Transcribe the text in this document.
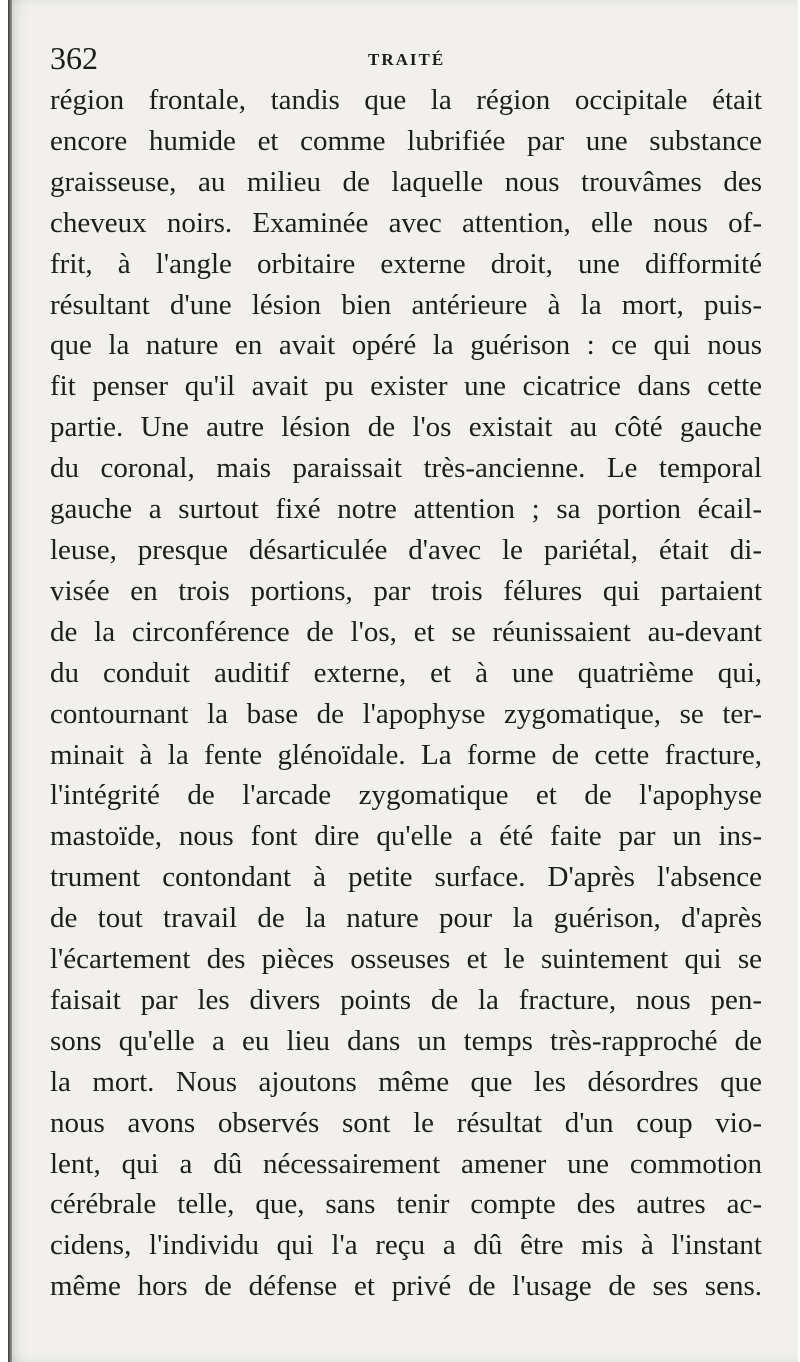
362	TRAITÉ
région frontale, tandis que la région occipitale était
encore humide et comme lubrifiée par une substance
graisseuse, au milieu de laquelle nous trouvâmes des
cheveux noirs. Examinée avec attention, elle nous of-
frit, à l'angle orbitaire externe droit, une difformité
résultant d'une lésion bien antérieure à la mort, puis-
que la nature en avait opéré la guérison : ce qui nous
fit penser qu'il avait pu exister une cicatrice dans cette
partie. Une autre lésion de l'os existait au côté gauche
du coronal, mais paraissait très-ancienne. Le temporal
gauche a surtout fixé notre attention ; sa portion écail-
leuse, presque désarticulée d'avec le pariétal, était di-
visée en trois portions, par trois félures qui partaient
de la circonférence de l'os, et se réunissaient au-devant
du conduit auditif externe, et à une quatrième qui,
contournant la base de l'apophyse zygomatique, se ter-
minait à la fente glénoïdale. La forme de cette fracture,
l'intégrité de l'arcade zygomatique et de l'apophyse
mastoïde, nous font dire qu'elle a été faite par un ins-
trument contondant à petite surface. D'après l'absence
de tout travail de la nature pour la guérison, d'après
l'écartement des pièces osseuses et le suintement qui se
faisait par les divers points de la fracture, nous pen-
sons qu'elle a eu lieu dans un temps très-rapproché de
la mort. Nous ajoutons même que les désordres que
nous avons observés sont le résultat d'un coup vio-
lent, qui a dû nécessairement amener une commotion
cérébrale telle, que, sans tenir compte des autres ac-
cidens, l'individu qui l'a reçu a dû être mis à l'instant
même hors de défense et privé de l'usage de ses sens.
